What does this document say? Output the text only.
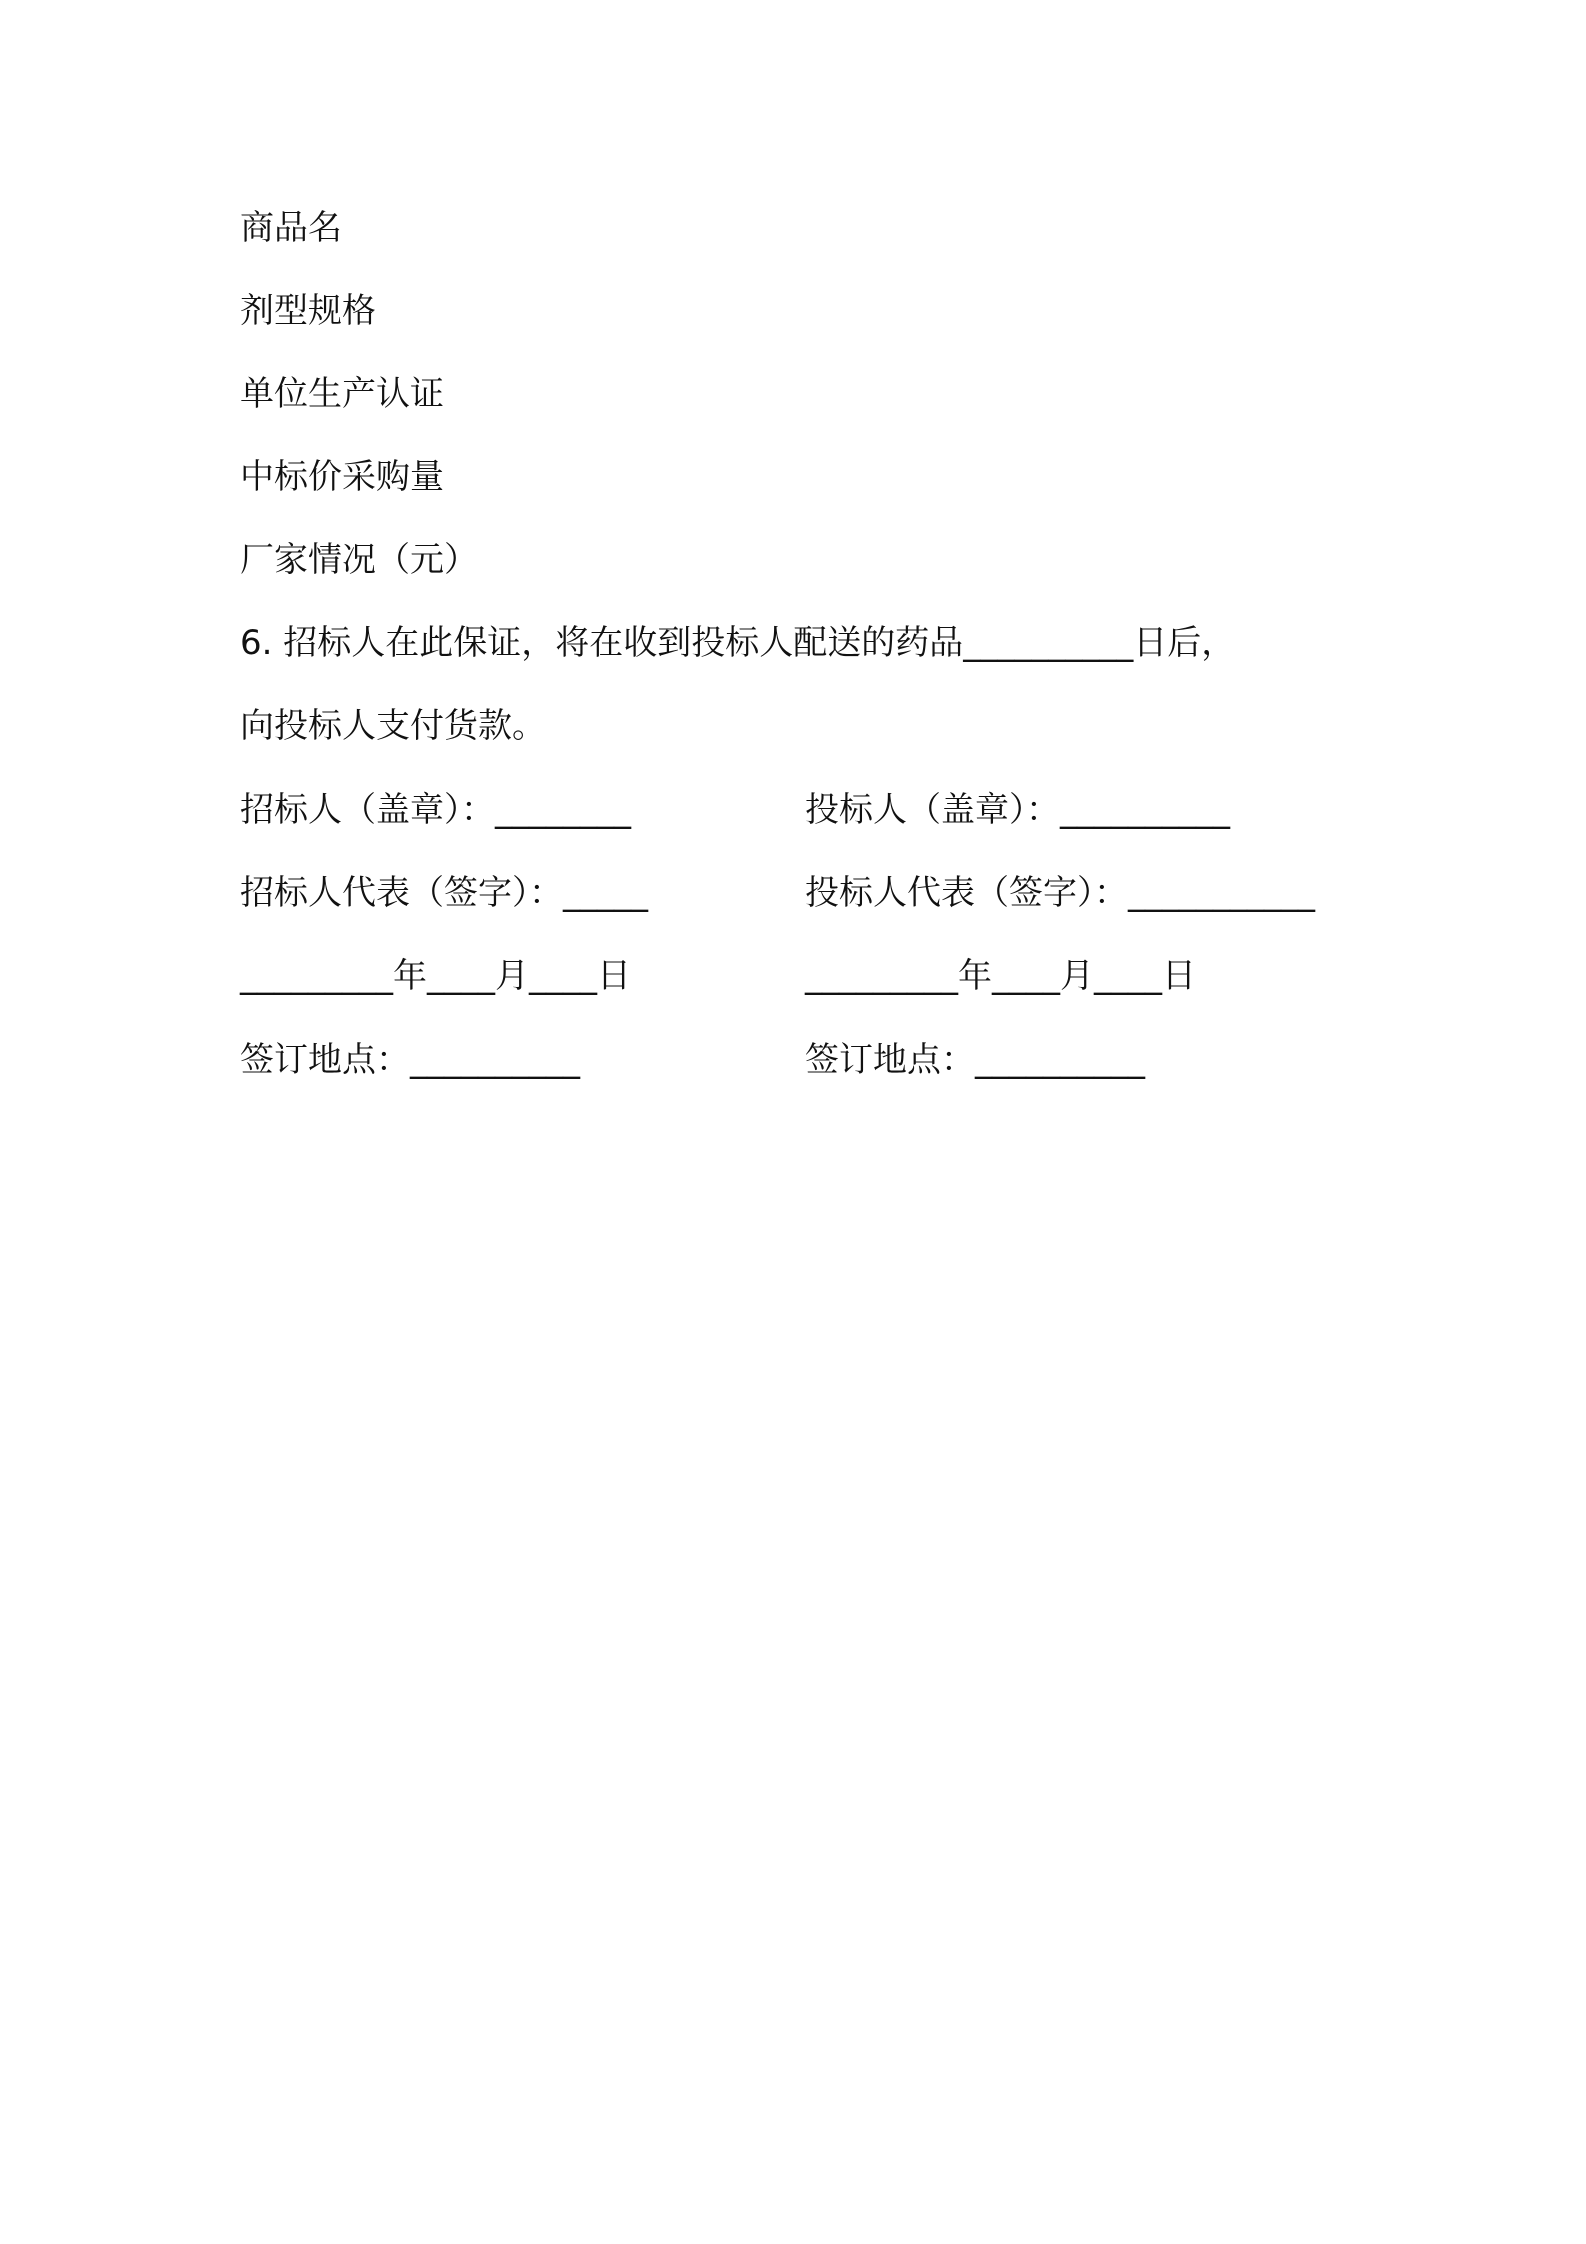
商品名
剂型规格
单位生产认证
中标价采购量
厂家情况（元）
6. 招标人在此保证，将在收到投标人配送的药品__________日后，
向投标人支付货款。
招标人（盖章）：________	投标人（盖章）：__________
招标人代表（签字）：_____	投标人代表（签字）：___________
_________年____月____日	_________年____月____日
签订地点：__________	签订地点：__________
